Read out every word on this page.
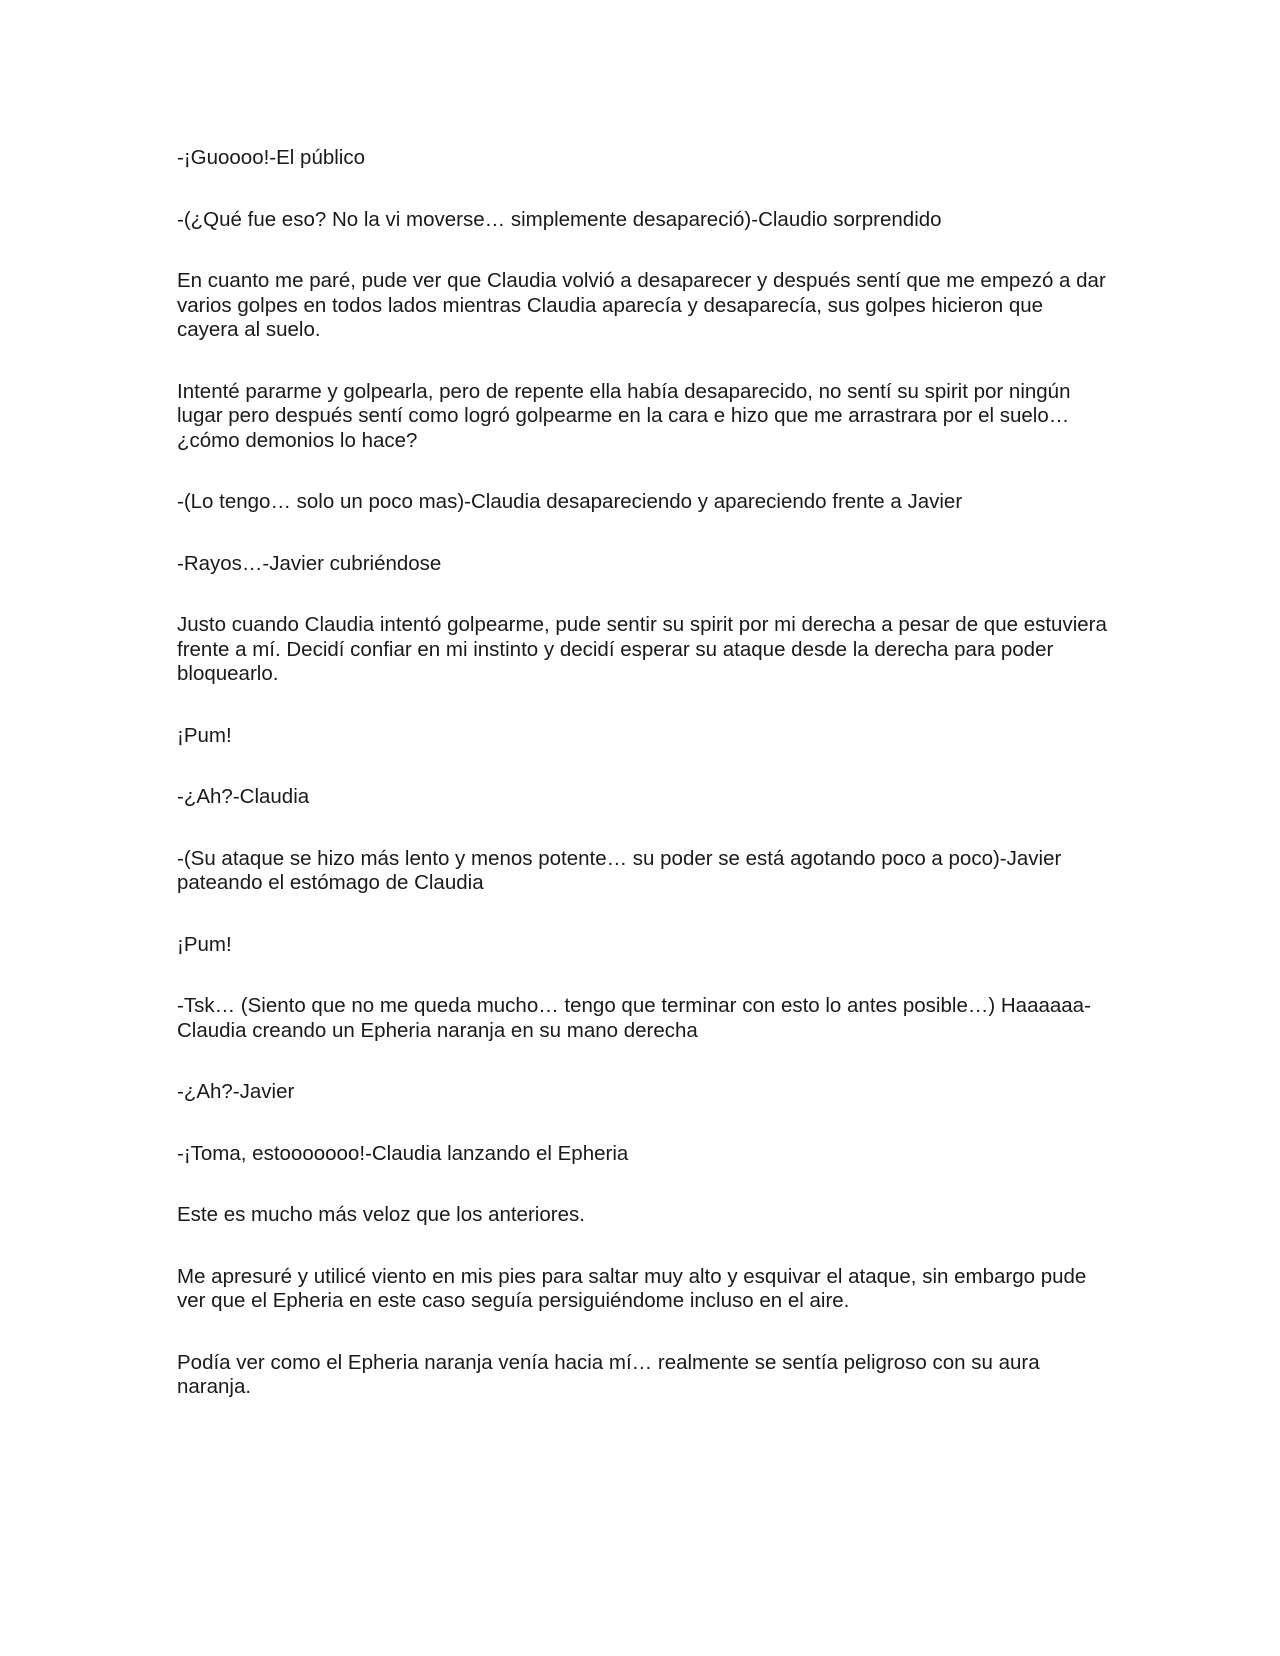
-¡Guoooo!-El público

-(¿Qué fue eso? No la vi moverse… simplemente desapareció)-Claudio sorprendido

En cuanto me paré, pude ver que Claudia volvió a desaparecer y después sentí que me empezó a dar varios golpes en todos lados mientras Claudia aparecía y desaparecía, sus golpes hicieron que cayera al suelo.

Intenté pararme y golpearla, pero de repente ella había desaparecido, no sentí su spirit por ningún lugar pero después sentí como logró golpearme en la cara e hizo que me arrastrara por el suelo… ¿cómo demonios lo hace?

-(Lo tengo… solo un poco mas)-Claudia desapareciendo y apareciendo frente a Javier

-Rayos…-Javier cubriéndose

Justo cuando Claudia intentó golpearme, pude sentir su spirit por mi derecha a pesar de que estuviera frente a mí. Decidí confiar en mi instinto y decidí esperar su ataque desde la derecha para poder bloquearlo.

¡Pum!

-¿Ah?-Claudia

-(Su ataque se hizo más lento y menos potente… su poder se está agotando poco a poco)-Javier pateando el estómago de Claudia

¡Pum!

-Tsk… (Siento que no me queda mucho… tengo que terminar con esto lo antes posible…) Haaaaaa-Claudia creando un Epheria naranja en su mano derecha

-¿Ah?-Javier

-¡Toma, estooooooo!-Claudia lanzando el Epheria

Este es mucho más veloz que los anteriores.

Me apresuré y utilicé viento en mis pies para saltar muy alto y esquivar el ataque, sin embargo pude ver que el Epheria en este caso seguía persiguiéndome incluso en el aire.

Podía ver como el Epheria naranja venía hacia mí… realmente se sentía peligroso con su aura naranja.
